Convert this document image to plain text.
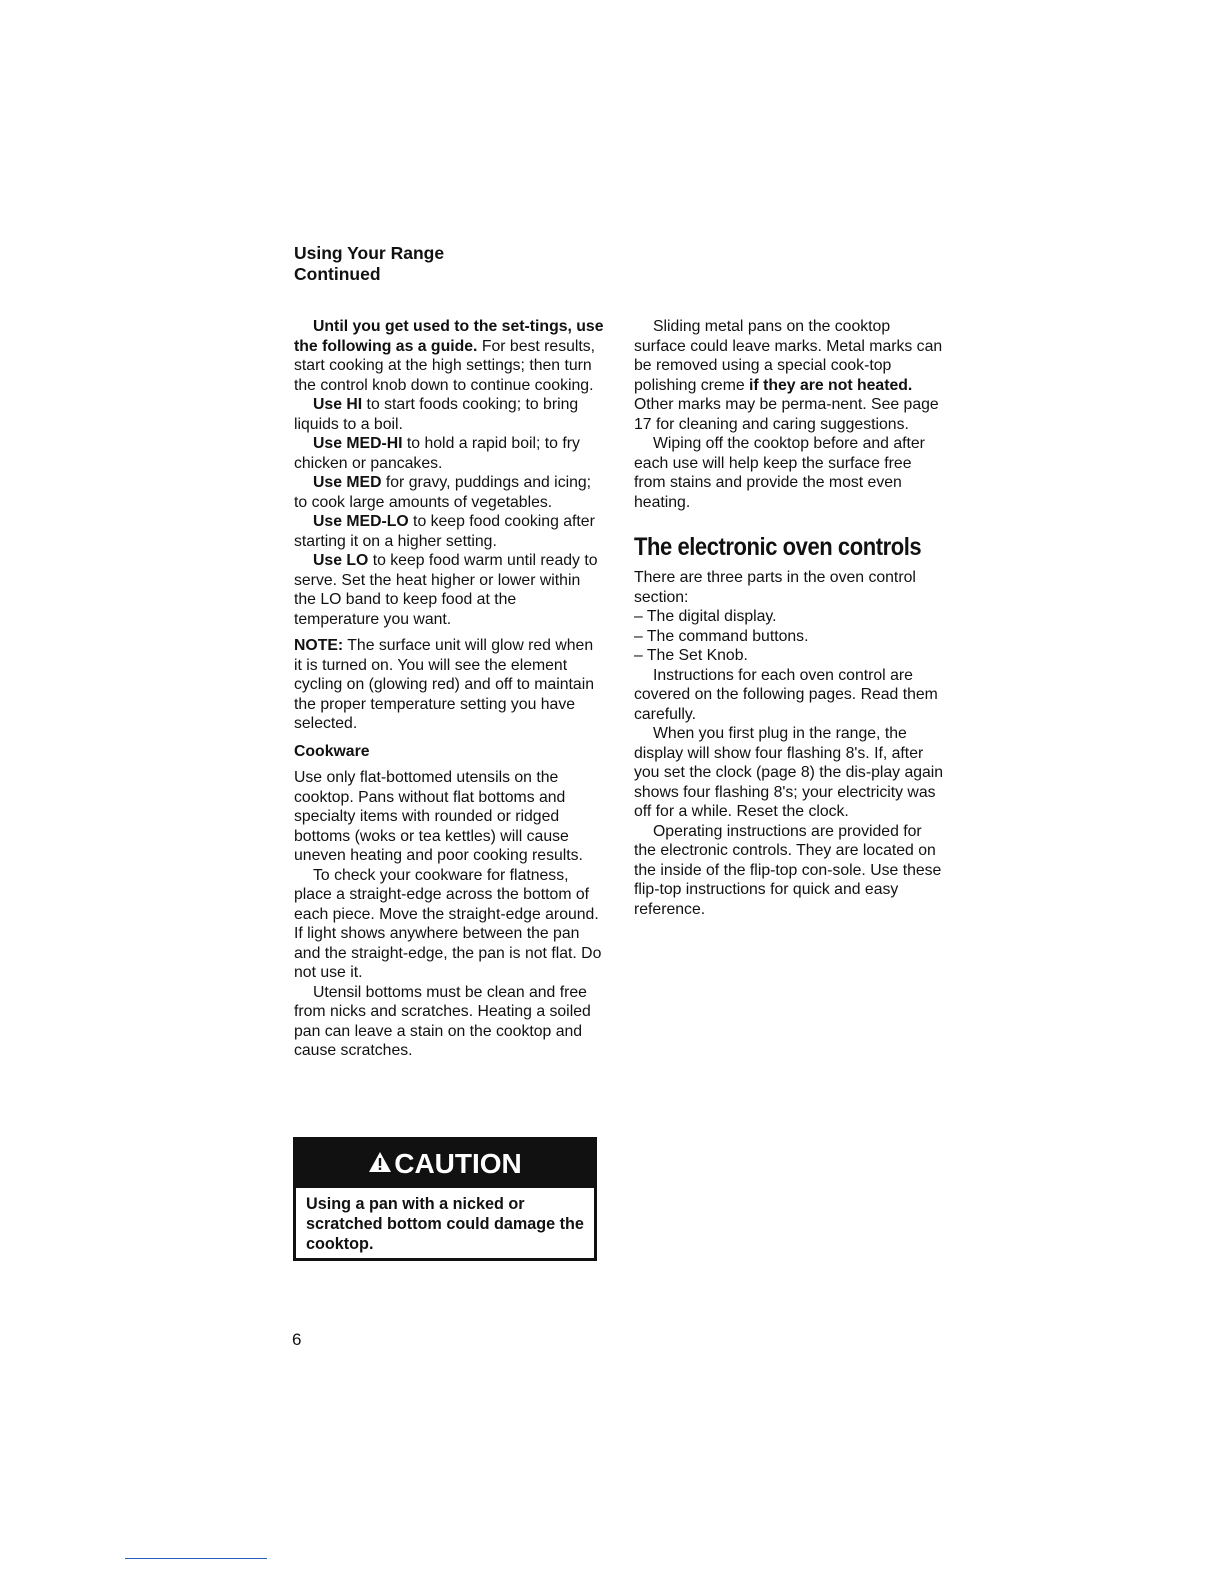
Using Your Range
Continued

Until you get used to the set-tings, use the following as a guide. For best results, start cooking at the high settings; then turn the control knob down to continue cooking.

Use HI to start foods cooking; to bring liquids to a boil.

Use MED-HI to hold a rapid boil; to fry chicken or pancakes.

Use MED for gravy, puddings and icing; to cook large amounts of vegetables.

Use MED-LO to keep food cooking after starting it on a higher setting.

Use LO to keep food warm until ready to serve. Set the heat higher or lower within the LO band to keep food at the temperature you want.

NOTE: The surface unit will glow red when it is turned on. You will see the element cycling on (glowing red) and off to maintain the proper temperature setting you have selected.

Cookware

Use only flat-bottomed utensils on the cooktop. Pans without flat bottoms and specialty items with rounded or ridged bottoms (woks or tea kettles) will cause uneven heating and poor cooking results.

To check your cookware for flatness, place a straight-edge across the bottom of each piece. Move the straight-edge around. If light shows anywhere between the pan and the straight-edge, the pan is not flat. Do not use it.

Utensil bottoms must be clean and free from nicks and scratches. Heating a soiled pan can leave a stain on the cooktop and cause scratches.

CAUTION
Using a pan with a nicked or scratched bottom could damage the cooktop.

Sliding metal pans on the cooktop surface could leave marks. Metal marks can be removed using a special cook-top polishing creme if they are not heated. Other marks may be perma-nent. See page 17 for cleaning and caring suggestions.

Wiping off the cooktop before and after each use will help keep the surface free from stains and provide the most even heating.

The electronic oven controls

There are three parts in the oven control section:

– The digital display.

– The command buttons.

– The Set Knob.

Instructions for each oven control are covered on the following pages. Read them carefully.

When you first plug in the range, the display will show four flashing 8's. If, after you set the clock (page 8) the dis-play again shows four flashing 8's; your electricity was off for a while. Reset the clock.

Operating instructions are provided for the electronic controls. They are located on the inside of the flip-top con-sole. Use these flip-top instructions for quick and easy reference.

6
